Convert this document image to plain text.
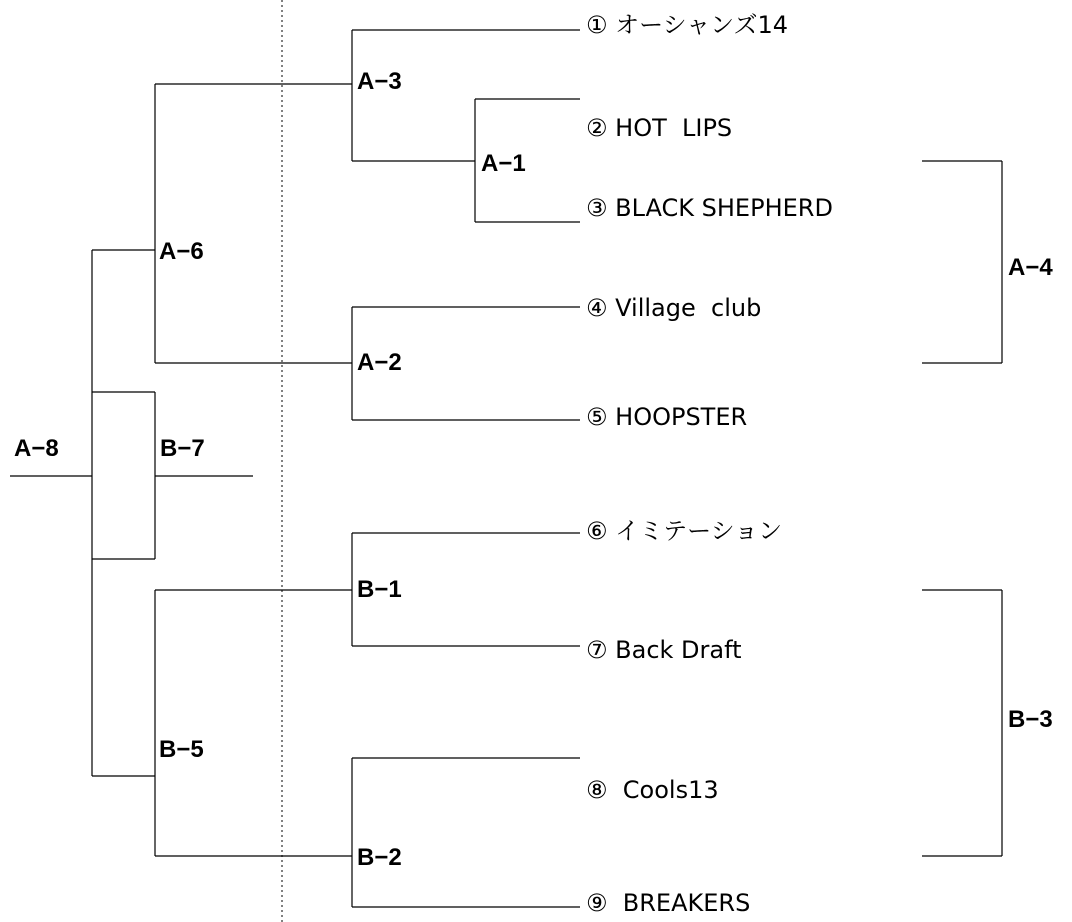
A−3
A−1
A−6
A−2
A−4
A−8	B−7
B−1
B−5
B−3
B−2
① オーシャンズ14
② HOT  LIPS
③ BLACK SHEPHERD
④ Village  club
⑤ HOOPSTER
⑥ イミテーション
⑦ Back Draft
⑧  Cools13
⑨  BREAKERS
